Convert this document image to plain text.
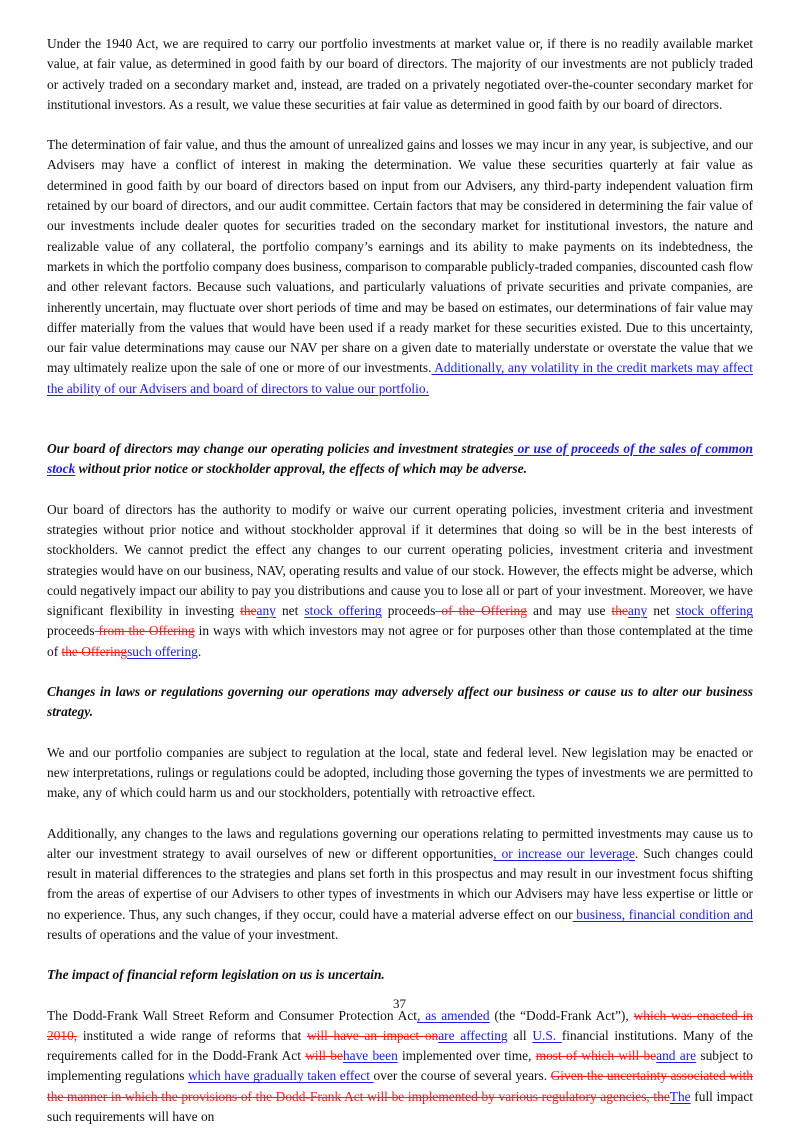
Under the 1940 Act, we are required to carry our portfolio investments at market value or, if there is no readily available market value, at fair value, as determined in good faith by our board of directors. The majority of our investments are not publicly traded or actively traded on a secondary market and, instead, are traded on a privately negotiated over-the-counter secondary market for institutional investors. As a result, we value these securities at fair value as determined in good faith by our board of directors.

The determination of fair value, and thus the amount of unrealized gains and losses we may incur in any year, is subjective, and our Advisers may have a conflict of interest in making the determination. We value these securities quarterly at fair value as determined in good faith by our board of directors based on input from our Advisers, any third-party independent valuation firm retained by our board of directors, and our audit committee. Certain factors that may be considered in determining the fair value of our investments include dealer quotes for securities traded on the secondary market for institutional investors, the nature and realizable value of any collateral, the portfolio company’s earnings and its ability to make payments on its indebtedness, the markets in which the portfolio company does business, comparison to comparable publicly-traded companies, discounted cash flow and other relevant factors. Because such valuations, and particularly valuations of private securities and private companies, are inherently uncertain, may fluctuate over short periods of time and may be based on estimates, our determinations of fair value may differ materially from the values that would have been used if a ready market for these securities existed. Due to this uncertainty, our fair value determinations may cause our NAV per share on a given date to materially understate or overstate the value that we may ultimately realize upon the sale of one or more of our investments. Additionally, any volatility in the credit markets may affect the ability of our Advisers and board of directors to value our portfolio.

Our board of directors may change our operating policies and investment strategies or use of proceeds of the sales of common stock without prior notice or stockholder approval, the effects of which may be adverse.

Our board of directors has the authority to modify or waive our current operating policies, investment criteria and investment strategies without prior notice and without stockholder approval if it determines that doing so will be in the best interests of stockholders. We cannot predict the effect any changes to our current operating policies, investment criteria and investment strategies would have on our business, NAV, operating results and value of our stock. However, the effects might be adverse, which could negatively impact our ability to pay you distributions and cause you to lose all or part of your investment. Moreover, we have significant flexibility in investing theany net stock offering proceeds of the Offering and may use theany net stock offering proceeds from the Offering in ways with which investors may not agree or for purposes other than those contemplated at the time of the Offeringsuch offering.

Changes in laws or regulations governing our operations may adversely affect our business or cause us to alter our business strategy.

We and our portfolio companies are subject to regulation at the local, state and federal level. New legislation may be enacted or new interpretations, rulings or regulations could be adopted, including those governing the types of investments we are permitted to make, any of which could harm us and our stockholders, potentially with retroactive effect.

Additionally, any changes to the laws and regulations governing our operations relating to permitted investments may cause us to alter our investment strategy to avail ourselves of new or different opportunities, or increase our leverage. Such changes could result in material differences to the strategies and plans set forth in this prospectus and may result in our investment focus shifting from the areas of expertise of our Advisers to other types of investments in which our Advisers may have less expertise or little or no experience. Thus, any such changes, if they occur, could have a material adverse effect on our business, financial condition and results of operations and the value of your investment.

The impact of financial reform legislation on us is uncertain.

The Dodd-Frank Wall Street Reform and Consumer Protection Act, as amended (the “Dodd-Frank Act”), which was enacted in 2010, instituted a wide range of reforms that will have an impact onare affecting all U.S. financial institutions. Many of the requirements called for in the Dodd-Frank Act will behave been implemented over time, most of which will beand are subject to implementing regulations which have gradually taken effect over the course of several years. Given the uncertainty associated with the manner in which the provisions of the Dodd-Frank Act will be implemented by various regulatory agencies, theThe full impact such requirements will have on

37
